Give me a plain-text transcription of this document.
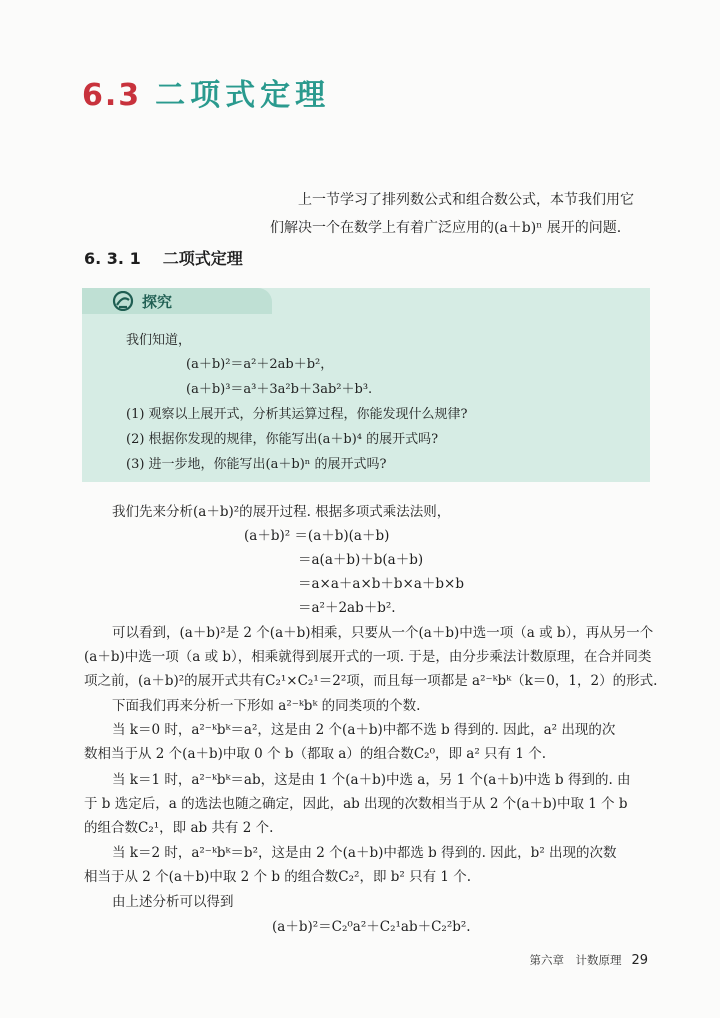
6.3 二项式定理

上一节学习了排列数公式和组合数公式，本节我们用它

们解决一个在数学上有着广泛应用的(a＋b)ⁿ 展开的问题.
6. 3. 1 二项式定理
探究
我们知道，
(a＋b)²＝a²＋2ab＋b²，
(a＋b)³＝a³＋3a²b＋3ab²＋b³.
(1) 观察以上展开式，分析其运算过程，你能发现什么规律?
(2) 根据你发现的规律，你能写出(a＋b)⁴ 的展开式吗?
(3) 进一步地，你能写出(a＋b)ⁿ 的展开式吗?
我们先来分析(a＋b)²的展开过程. 根据多项式乘法法则，
(a＋b)² ＝(a＋b)(a＋b)
＝a(a＋b)＋b(a＋b)
＝a×a＋a×b＋b×a＋b×b
＝a²＋2ab＋b².
可以看到，(a＋b)²是 2 个(a＋b)相乘，只要从一个(a＋b)中选一项（a 或 b），再从另一个
(a＋b)中选一项（a 或 b），相乘就得到展开式的一项. 于是，由分步乘法计数原理，在合并同类
项之前，(a＋b)²的展开式共有C₂¹×C₂¹＝2²项，而且每一项都是 a²⁻ᵏbᵏ（k＝0，1，2）的形式.
下面我们再来分析一下形如 a²⁻ᵏbᵏ 的同类项的个数.
当 k＝0 时，a²⁻ᵏbᵏ＝a²，这是由 2 个(a＋b)中都不选 b 得到的. 因此，a² 出现的次
数相当于从 2 个(a＋b)中取 0 个 b（都取 a）的组合数C₂⁰，即 a² 只有 1 个.
当 k＝1 时，a²⁻ᵏbᵏ＝ab，这是由 1 个(a＋b)中选 a，另 1 个(a＋b)中选 b 得到的. 由
于 b 选定后，a 的选法也随之确定，因此，ab 出现的次数相当于从 2 个(a＋b)中取 1 个 b
的组合数C₂¹，即 ab 共有 2 个.
当 k＝2 时，a²⁻ᵏbᵏ＝b²，这是由 2 个(a＋b)中都选 b 得到的. 因此，b² 出现的次数
相当于从 2 个(a＋b)中取 2 个 b 的组合数C₂²，即 b² 只有 1 个.
由上述分析可以得到
(a＋b)²＝C₂⁰a²＋C₂¹ab＋C₂²b².
第六章　计数原理 29
